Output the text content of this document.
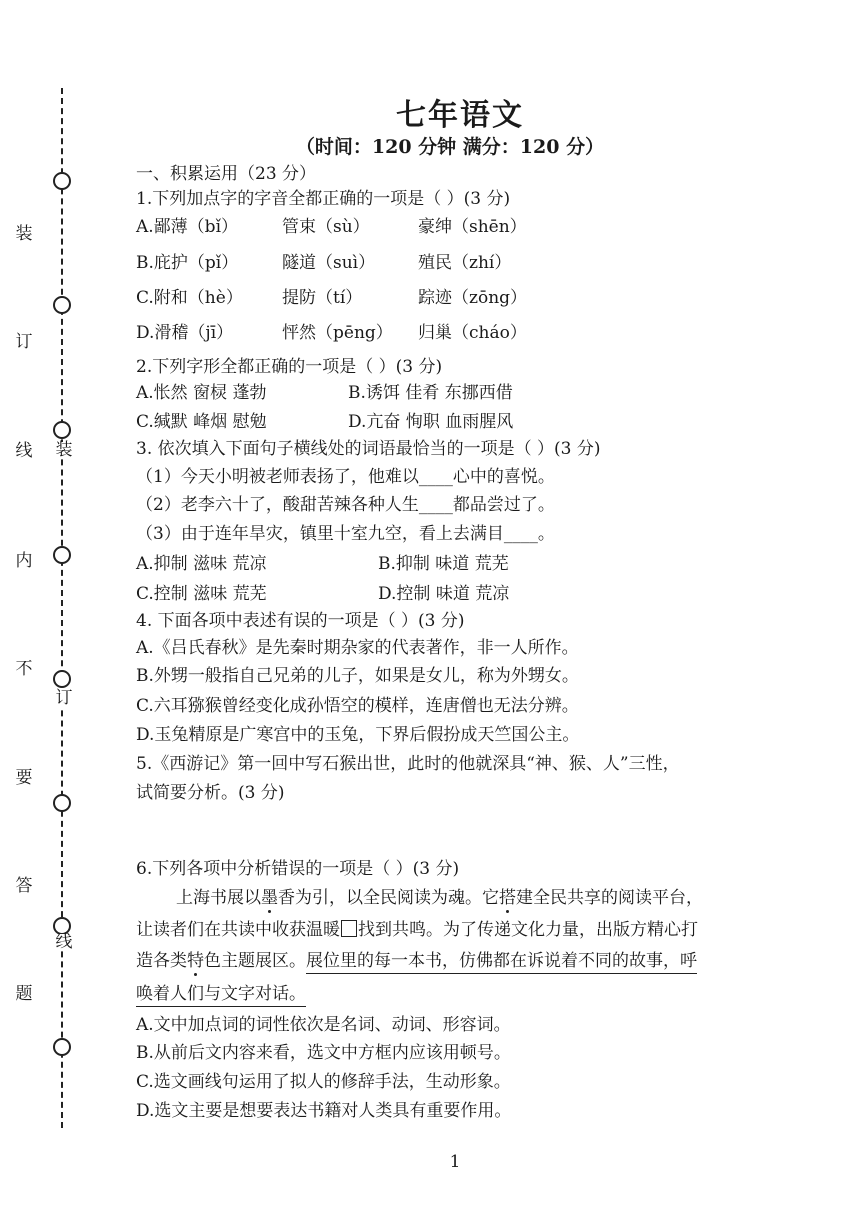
装
订
线
内
不
要
答
题
装
订
线
七年语文
（时间：120 分钟 满分：120 分）
一、积累运用（23 分）
1.下列加点字的字音全都正确的一项是（ ）(3 分)
A.鄙薄（bǐ）	管束（sù）	豪绅（shēn）
B.庇护（pǐ）	隧道（suì）	殖民（zhí）
C.附和（hè） 提防（tí）	踪迹（zōng）
D.滑稽（jī）	怦然（pēng） 归巢（cháo）
2.下列字形全都正确的一项是（ ）(3 分)
A.怅然 窗棂 蓬勃	B.诱饵 佳肴 东挪西借
C.缄默 峰烟 慰勉	D.亢奋 恂职 血雨腥风
3. 依次填入下面句子横线处的词语最恰当的一项是（ ）(3 分)
（1）今天小明被老师表扬了，他难以____心中的喜悦。
（2）老李六十了，酸甜苦辣各种人生____都品尝过了。
（3）由于连年旱灾，镇里十室九空，看上去满目____。
A.抑制 滋味 荒凉	B.抑制 味道 荒芜
C.控制 滋味 荒芜	D.控制 味道 荒凉
4. 下面各项中表述有误的一项是（ ）(3 分)
A.《吕氏春秋》是先秦时期杂家的代表著作，非一人所作。
B.外甥一般指自己兄弟的儿子，如果是女儿，称为外甥女。
C.六耳猕猴曾经变化成孙悟空的模样，连唐僧也无法分辨。
D.玉兔精原是广寒宫中的玉兔，下界后假扮成天竺国公主。
5.《西游记》第一回中写石猴出世，此时的他就深具“神、猴、人”三性，
试简要分析。(3 分)
6.下列各项中分析错误的一项是（ ）(3 分)
上海书展以墨香为引，以全民阅读为魂。它搭建全民共享的阅读平台，
让读者们在共读中收获温暖 找到共鸣。为了传递文化力量，出版方精心打
造各类特色主题展区。展位里的每一本书，仿佛都在诉说着不同的故事，呼
唤着人们与文字对话。
A.文中加点词的词性依次是名词、动词、形容词。
B.从前后文内容来看，选文中方框内应该用顿号。
C.选文画线句运用了拟人的修辞手法，生动形象。
D.选文主要是想要表达书籍对人类具有重要作用。
1
